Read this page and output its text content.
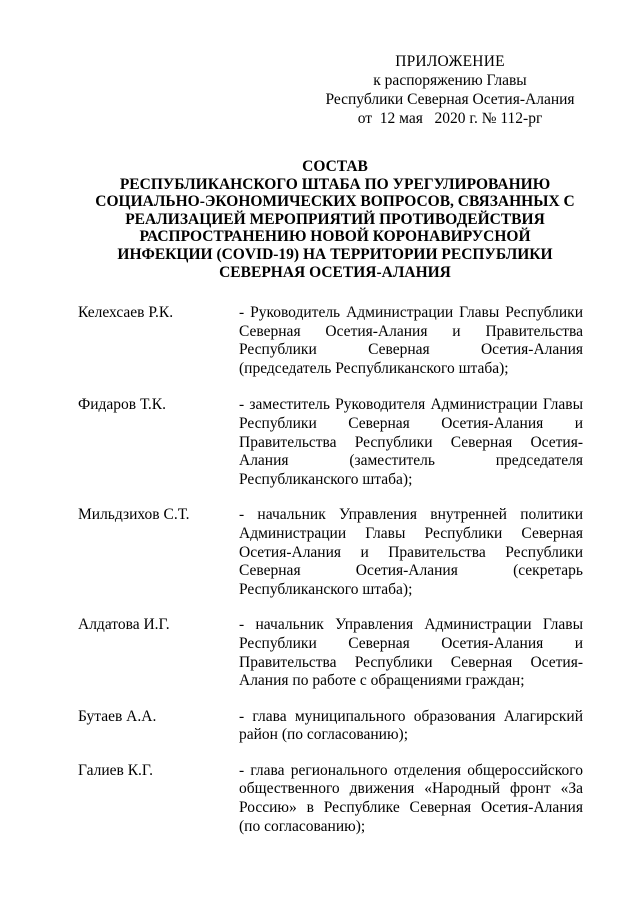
ПРИЛОЖЕНИЕ
к распоряжению Главы
Республики Северная Осетия-Алания
от  12 мая   2020 г. № 112-рг
СОСТАВ
РЕСПУБЛИКАНСКОГО ШТАБА ПО УРЕГУЛИРОВАНИЮ СОЦИАЛЬНО-ЭКОНОМИЧЕСКИХ ВОПРОСОВ, СВЯЗАННЫХ С РЕАЛИЗАЦИЕЙ МЕРОПРИЯТИЙ ПРОТИВОДЕЙСТВИЯ РАСПРОСТРАНЕНИЮ НОВОЙ КОРОНАВИРУСНОЙ ИНФЕКЦИИ (COVID-19) НА ТЕРРИТОРИИ РЕСПУБЛИКИ СЕВЕРНАЯ ОСЕТИЯ-АЛАНИЯ
Келехсаев Р.К.	- Руководитель Администрации Главы Республики Северная Осетия-Алания и Правительства Республики Северная Осетия-Алания (председатель Республиканского штаба);
Фидаров Т.К.	- заместитель Руководителя Администрации Главы Республики Северная Осетия-Алания и Правительства Республики Северная Осетия-Алания (заместитель председателя Республиканского штаба);
Мильдзихов С.Т.	- начальник Управления внутренней политики Администрации Главы Республики Северная Осетия-Алания и Правительства Республики Северная Осетия-Алания (секретарь Республиканского штаба);
Алдатова И.Г.	- начальник Управления Администрации Главы Республики Северная Осетия-Алания и Правительства Республики Северная Осетия-Алания по работе с обращениями граждан;
Бутаев А.А.	- глава муниципального образования Алагирский район (по согласованию);
Галиев К.Г.	- глава регионального отделения общероссийского общественного движения «Народный фронт «За Россию» в Республике Северная Осетия-Алания (по согласованию);
